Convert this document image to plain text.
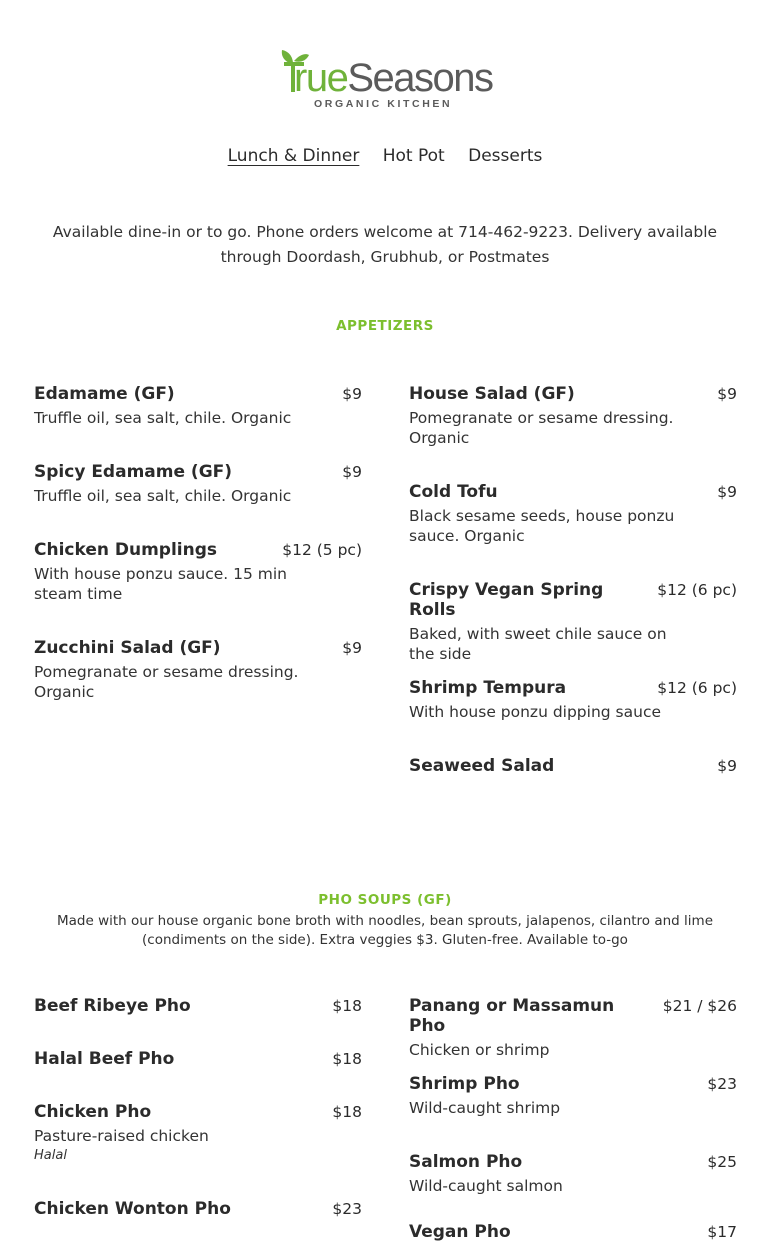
rueSeasons
ORGANIC KITCHEN
Lunch & Dinner Hot Pot Desserts

Available dine-in or to go. Phone orders welcome at 714-462-9223. Delivery available through Doordash, Grubhub, or Postmates

APPETIZERS
Edamame (GF)	$9
Truffle oil, sea salt, chile. Organic
Spicy Edamame (GF)	$9
Truffle oil, sea salt, chile. Organic
Chicken Dumplings	$12 (5 pc)
With house ponzu sauce. 15 min steam time
Zucchini Salad (GF)	$9
Pomegranate or sesame dressing. Organic
House Salad (GF)	$9
Pomegranate or sesame dressing. Organic
Cold Tofu	$9
Black sesame seeds, house ponzu sauce. Organic
Crispy Vegan Spring Rolls
$12 (6 pc)
Baked, with sweet chile sauce on the side
Shrimp Tempura	$12 (6 pc)
With house ponzu dipping sauce
Seaweed Salad	$9
PHO SOUPS (GF)

Made with our house organic bone broth with noodles, bean sprouts, jalapenos, cilantro and lime (condiments on the side). Extra veggies $3. Gluten-free. Available to-go

Beef Ribeye Pho	$18
Halal Beef Pho	$18
Chicken Pho	$18
Pasture-raised chicken
Halal
Chicken Wonton Pho	$23
Panang or Massamun Pho
$21 / $26
Chicken or shrimp
Shrimp Pho	$23
Wild-caught shrimp
Salmon Pho	$25
Wild-caught salmon
Vegan Pho	$17
